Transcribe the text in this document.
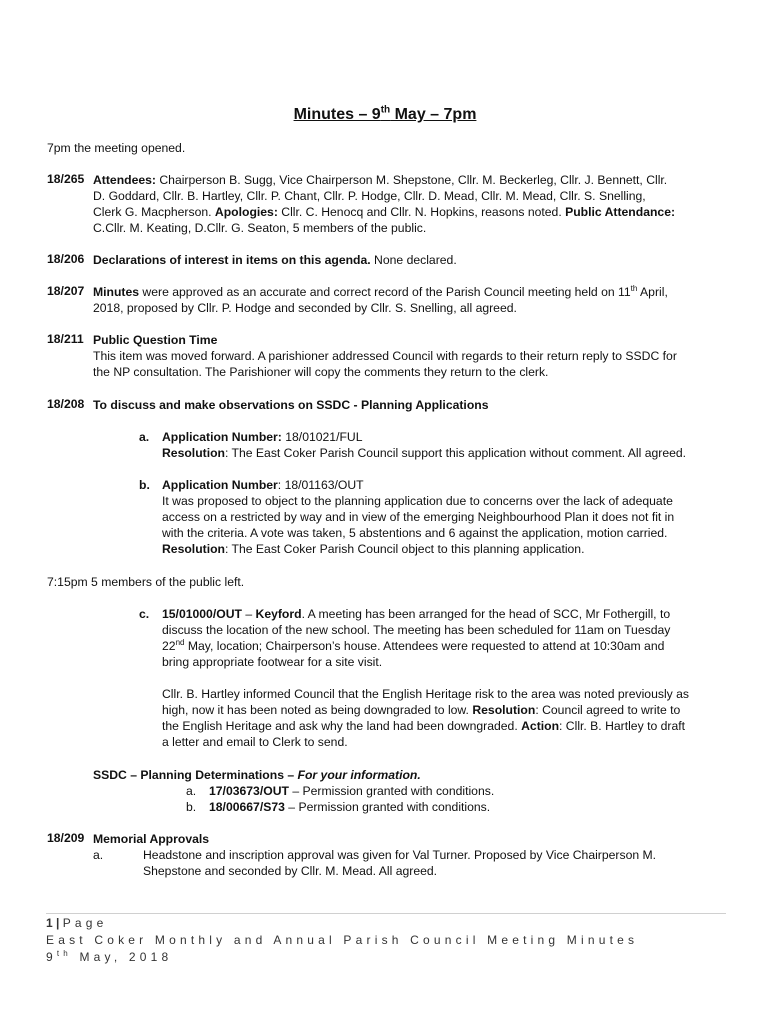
Minutes – 9th May – 7pm
7pm the meeting opened.
18/265 Attendees: Chairperson B. Sugg, Vice Chairperson M. Shepstone, Cllr. M. Beckerleg, Cllr. J. Bennett, Cllr.
D. Goddard, Cllr. B. Hartley, Cllr. P. Chant, Cllr. P. Hodge, Cllr. D. Mead, Cllr. M. Mead, Cllr. S. Snelling,
Clerk G. Macpherson. Apologies: Cllr. C. Henocq and Cllr. N. Hopkins, reasons noted. Public Attendance:
C.Cllr. M. Keating, D.Cllr. G. Seaton, 5 members of the public.
18/206 Declarations of interest in items on this agenda. None declared.
18/207 Minutes were approved as an accurate and correct record of the Parish Council meeting held on 11th April,
2018, proposed by Cllr. P. Hodge and seconded by Cllr. S. Snelling, all agreed.
18/211 Public Question Time
This item was moved forward. A parishioner addressed Council with regards to their return reply to SSDC for
the NP consultation. The Parishioner will copy the comments they return to the clerk.
18/208 To discuss and make observations on SSDC - Planning Applications
a. Application Number: 18/01021/FUL
Resolution: The East Coker Parish Council support this application without comment. All agreed.
b. Application Number: 18/01163/OUT
It was proposed to object to the planning application due to concerns over the lack of adequate
access on a restricted by way and in view of the emerging Neighbourhood Plan it does not fit in
with the criteria. A vote was taken, 5 abstentions and 6 against the application, motion carried.
Resolution: The East Coker Parish Council object to this planning application.
7:15pm 5 members of the public left.
c. 15/01000/OUT – Keyford. A meeting has been arranged for the head of SCC, Mr Fothergill, to
discuss the location of the new school. The meeting has been scheduled for 11am on Tuesday
22nd May, location; Chairperson’s house. Attendees were requested to attend at 10:30am and
bring appropriate footwear for a site visit.
Cllr. B. Hartley informed Council that the English Heritage risk to the area was noted previously as
high, now it has been noted as being downgraded to low. Resolution: Council agreed to write to
the English Heritage and ask why the land had been downgraded. Action: Cllr. B. Hartley to draft
a letter and email to Clerk to send.
SSDC – Planning Determinations – For your information.
a. 17/03673/OUT – Permission granted with conditions.
b. 18/00667/S73 – Permission granted with conditions.
18/209 Memorial Approvals
a.	Headstone and inscription approval was given for Val Turner. Proposed by Vice Chairperson M.
Shepstone and seconded by Cllr. M. Mead. All agreed.
1 | Page
East Coker Monthly and Annual Parish Council Meeting Minutes
9th May, 2018
